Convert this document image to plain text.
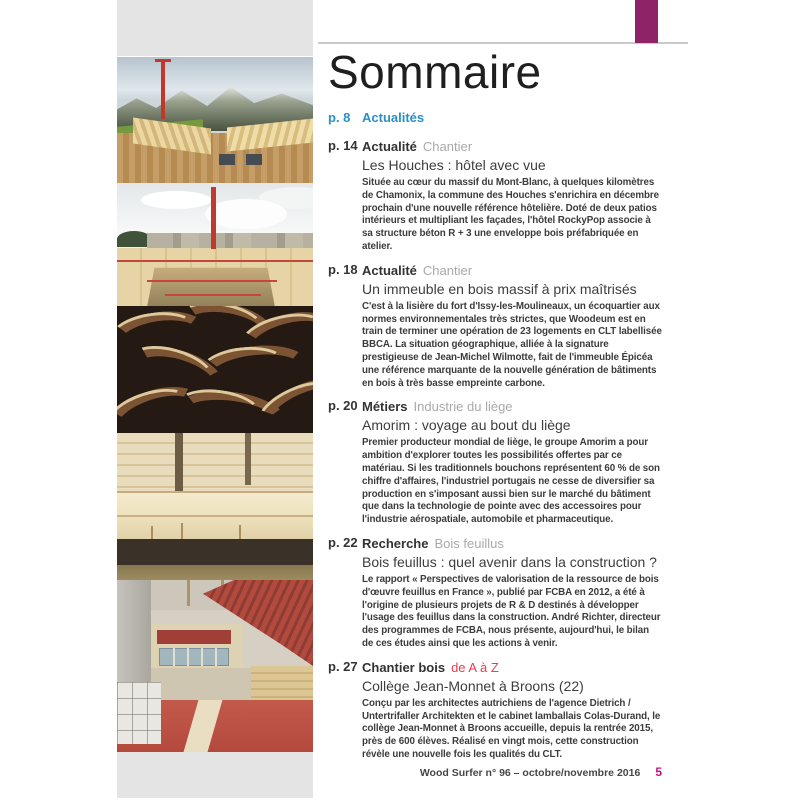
Sommaire
p. 8 Actualités
p. 14 Actualité Chantier
Les Houches : hôtel avec vue
Située au cœur du massif du Mont-Blanc, à quelques kilomètres de Chamonix, la commune des Houches s'enrichira en décembre prochain d'une nouvelle référence hôtelière. Doté de deux patios intérieurs et multipliant les façades, l'hôtel RockyPop associe à sa structure béton R + 3 une enveloppe bois préfabriquée en atelier.
p. 18 Actualité Chantier
Un immeuble en bois massif à prix maîtrisés
C'est à la lisière du fort d'Issy-les-Moulineaux, un écoquartier aux normes environnementales très strictes, que Woodeum est en train de terminer une opération de 23 logements en CLT labellisée BBCA. La situation géographique, alliée à la signature prestigieuse de Jean-Michel Wilmotte, fait de l'immeuble Épicéa une référence marquante de la nouvelle génération de bâtiments en bois à très basse empreinte carbone.
p. 20 Métiers Industrie du liège
Amorim : voyage au bout du liège
Premier producteur mondial de liège, le groupe Amorim a pour ambition d'explorer toutes les possibilités offertes par ce matériau. Si les traditionnels bouchons représentent 60 % de son chiffre d'affaires, l'industriel portugais ne cesse de diversifier sa production en s'imposant aussi bien sur le marché du bâtiment que dans la technologie de pointe avec des accessoires pour l'industrie aérospatiale, automobile et pharmaceutique.
p. 22 Recherche Bois feuillus
Bois feuillus : quel avenir dans la construction ?
Le rapport « Perspectives de valorisation de la ressource de bois d'œuvre feuillus en France », publié par FCBA en 2012, a été à l'origine de plusieurs projets de R & D destinés à développer l'usage des feuillus dans la construction. André Richter, directeur des programmes de FCBA, nous présente, aujourd'hui, le bilan de ces études ainsi que les actions à venir.
p. 27 Chantier bois de A à Z
Collège Jean-Monnet à Broons (22)
Conçu par les architectes autrichiens de l'agence Dietrich / Untertrifaller Architekten et le cabinet lamballais Colas-Durand, le collège Jean-Monnet à Broons accueille, depuis la rentrée 2015, près de 600 élèves. Réalisé en vingt mois, cette construction révèle une nouvelle fois les qualités du CLT.
Wood Surfer n° 96 – octobre/novembre 2016 5
